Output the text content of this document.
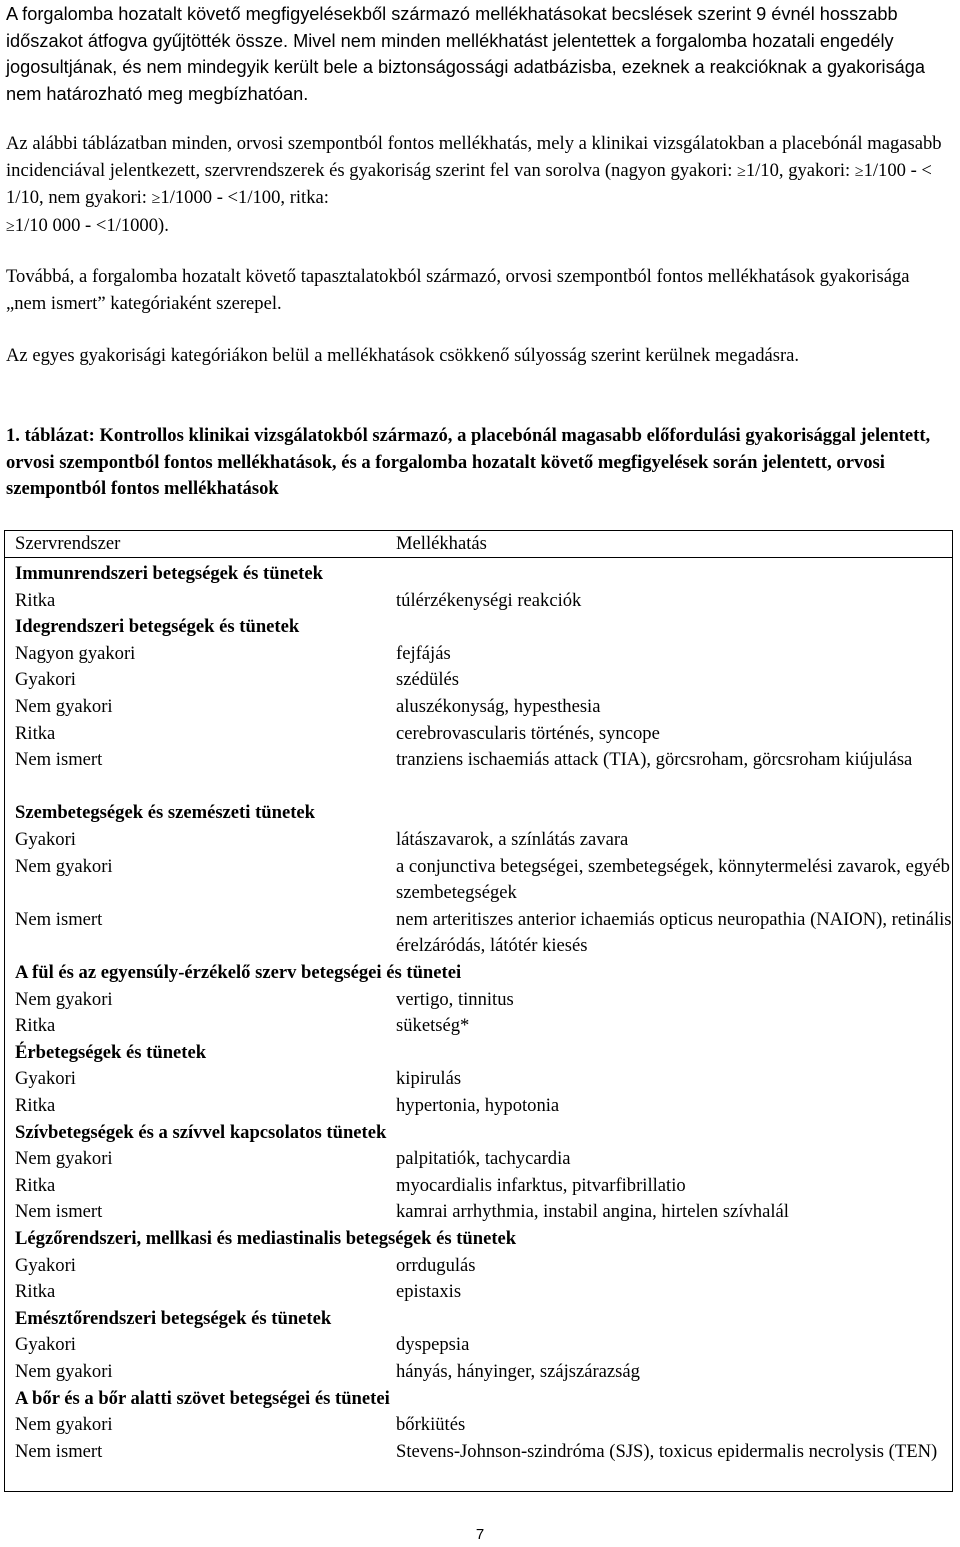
A forgalomba hozatalt követő megfigyelésekből származó mellékhatásokat becslések szerint 9 évnél hosszabb időszakot átfogva gyűjtötték össze. Mivel nem minden mellékhatást jelentettek a forgalomba hozatali engedély jogosultjának, és nem mindegyik került bele a biztonságossági adatbázisba, ezeknek a reakcióknak a gyakorisága nem határozható meg megbízhatóan.

Az alábbi táblázatban minden, orvosi szempontból fontos mellékhatás, mely a klinikai vizsgálatokban a placebónál magasabb incidenciával jelentkezett, szervrendszerek és gyakoriság szerint fel van sorolva (nagyon gyakori: ≥1/10, gyakori: ≥1/100 - < 1/10, nem gyakori: ≥1/1000 - <1/100, ritka:
≥1/10 000 - <1/1000).

Továbbá, a forgalomba hozatalt követő tapasztalatokból származó, orvosi szempontból fontos mellékhatások gyakorisága „nem ismert” kategóriaként szerepel.

Az egyes gyakorisági kategóriákon belül a mellékhatások csökkenő súlyosság szerint kerülnek megadásra.

1. táblázat: Kontrollos klinikai vizsgálatokból származó, a placebónál magasabb előfordulási gyakorisággal jelentett, orvosi szempontból fontos mellékhatások, és a forgalomba hozatalt követő megfigyelések során jelentett, orvosi szempontból fontos mellékhatások

Szervrendszer	Mellékhatás
Immunrendszeri betegségek és tünetek
Ritka	túlérzékenységi reakciók
Idegrendszeri betegségek és tünetek
Nagyon gyakori	fejfájás
Gyakori	szédülés
Nem gyakori	aluszékonyság, hypesthesia
Ritka	cerebrovascularis történés, syncope
Nem ismert	tranziens ischaemiás attack (TIA), görcsroham, görcsroham kiújulása
Szembetegségek és szemészeti tünetek
Gyakori	látászavarok, a színlátás zavara
Nem gyakori	a conjunctiva betegségei, szembetegségek, könnytermelési zavarok, egyéb szembetegségek
Nem ismert	nem arteritiszes anterior ichaemiás opticus neuropathia (NAION), retinális érelzáródás, látótér kiesés
A fül és az egyensúly-érzékelő szerv betegségei és tünetei
Nem gyakori	vertigo, tinnitus
Ritka	süketség*
Érbetegségek és tünetek
Gyakori	kipirulás
Ritka	hypertonia, hypotonia
Szívbetegségek és a szívvel kapcsolatos tünetek
Nem gyakori	palpitatiók, tachycardia
Ritka	myocardialis infarktus, pitvarfibrillatio
Nem ismert	kamrai arrhythmia, instabil angina, hirtelen szívhalál
Légzőrendszeri, mellkasi és mediastinalis betegségek és tünetek
Gyakori	orrdugulás
Ritka	epistaxis
Emésztőrendszeri betegségek és tünetek
Gyakori	dyspepsia
Nem gyakori	hányás, hányinger, szájszárazság
A bőr és a bőr alatti szövet betegségei és tünetei
Nem gyakori	bőrkiütés
Nem ismert	Stevens-Johnson-szindróma (SJS), toxicus epidermalis necrolysis (TEN)
7
